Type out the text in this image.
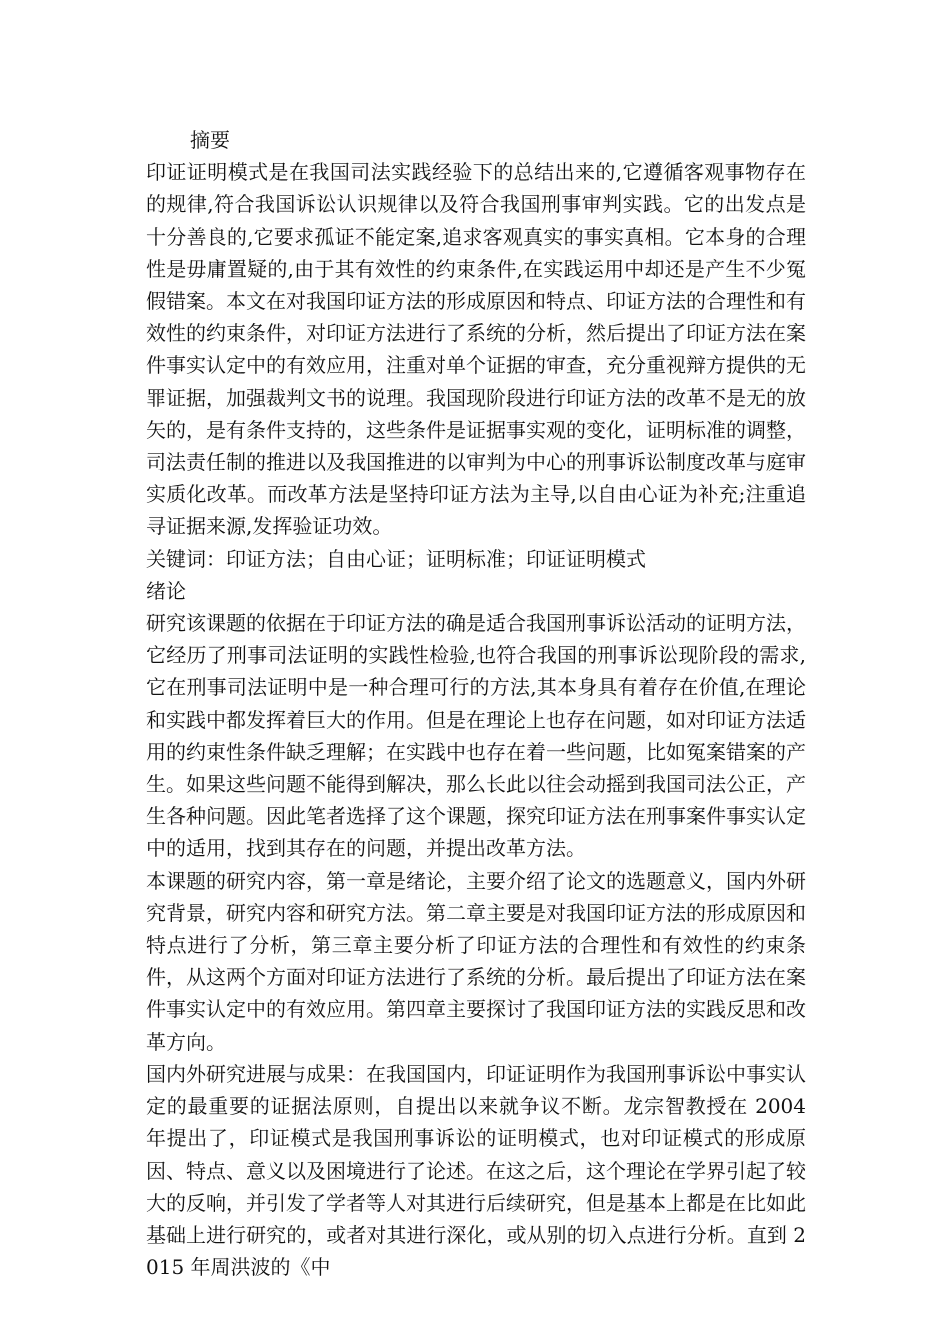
摘要

印证证明模式是在我国司法实践经验下的总结出来的,它遵循客观事物存在的规律,符合我国诉讼认识规律以及符合我国刑事审判实践。它的出发点是十分善良的,它要求孤证不能定案,追求客观真实的事实真相。它本身的合理性是毋庸置疑的,由于其有效性的约束条件,在实践运用中却还是产生不少冤假错案。本文在对我国印证方法的形成原因和特点、印证方法的合理性和有效性的约束条件，对印证方法进行了系统的分析，然后提出了印证方法在案件事实认定中的有效应用，注重对单个证据的审查，充分重视辩方提供的无罪证据，加强裁判文书的说理。我国现阶段进行印证方法的改革不是无的放矢的，是有条件支持的，这些条件是证据事实观的变化，证明标准的调整，司法责任制的推进以及我国推进的以审判为中心的刑事诉讼制度改革与庭审实质化改革。而改革方法是坚持印证方法为主导,以自由心证为补充;注重追寻证据来源,发挥验证功效。

关键词：印证方法；自由心证；证明标准；印证证明模式

绪论

研究该课题的依据在于印证方法的确是适合我国刑事诉讼活动的证明方法，它经历了刑事司法证明的实践性检验,也符合我国的刑事诉讼现阶段的需求,它在刑事司法证明中是一种合理可行的方法,其本身具有着存在价值,在理论和实践中都发挥着巨大的作用。但是在理论上也存在问题，如对印证方法适用的约束性条件缺乏理解；在实践中也存在着一些问题，比如冤案错案的产生。如果这些问题不能得到解决，那么长此以往会动摇到我国司法公正，产生各种问题。因此笔者选择了这个课题，探究印证方法在刑事案件事实认定中的适用，找到其存在的问题，并提出改革方法。

本课题的研究内容，第一章是绪论，主要介绍了论文的选题意义，国内外研究背景，研究内容和研究方法。第二章主要是对我国印证方法的形成原因和特点进行了分析，第三章主要分析了印证方法的合理性和有效性的约束条件，从这两个方面对印证方法进行了系统的分析。最后提出了印证方法在案件事实认定中的有效应用。第四章主要探讨了我国印证方法的实践反思和改革方向。

国内外研究进展与成果：在我国国内，印证证明作为我国刑事诉讼中事实认定的最重要的证据法原则，自提出以来就争议不断。龙宗智教授在 2004 年提出了，印证模式是我国刑事诉讼的证明模式，也对印证模式的形成原因、特点、意义以及困境进行了论述。在这之后，这个理论在学界引起了较大的反响，并引发了学者等人对其进行后续研究，但是基本上都是在比如此基础上进行研究的，或者对其进行深化，或从别的切入点进行分析。直到 2015 年周洪波的《中
